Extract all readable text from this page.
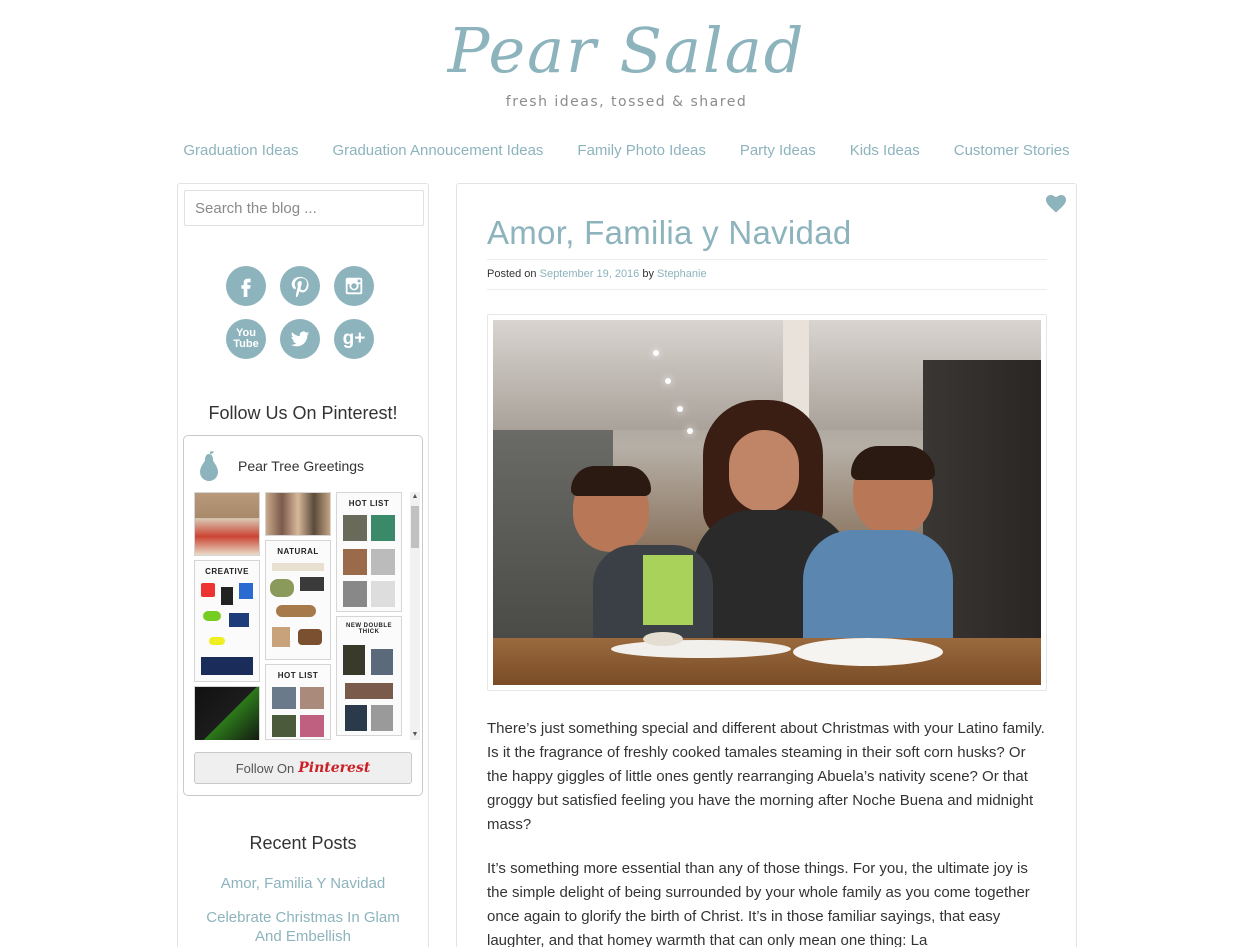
Pear Salad
fresh ideas, tossed & shared
Graduation Ideas Graduation Annoucement Ideas Family Photo Ideas Party Ideas Kids Ideas Customer Stories
Search the blog ...
You Tube	g+
Follow Us On Pinterest!
Pear Tree Greetings
CREATIVE
NATURAL
HOT LIST
HOT LIST
NEW DOUBLE THICK
▲
▼
Follow On Pinterest
Recent Posts
Amor, Familia Y Navidad
Celebrate Christmas In Glam And Embellish
Amor, Familia y Navidad
Posted on September 19, 2016 by Stephanie

There’s just something special and different about Christmas with your Latino family. Is it the fragrance of freshly cooked tamales steaming in their soft corn husks? Or the happy giggles of little ones gently rearranging Abuela’s nativity scene? Or that groggy but satisfied feeling you have the morning after Noche Buena and midnight mass?

It’s something more essential than any of those things. For you, the ultimate joy is the simple delight of being surrounded by your whole family as you come together once again to glorify the birth of Christ. It’s in those familiar sayings, that easy laughter, and that homey warmth that can only mean one thing: La
